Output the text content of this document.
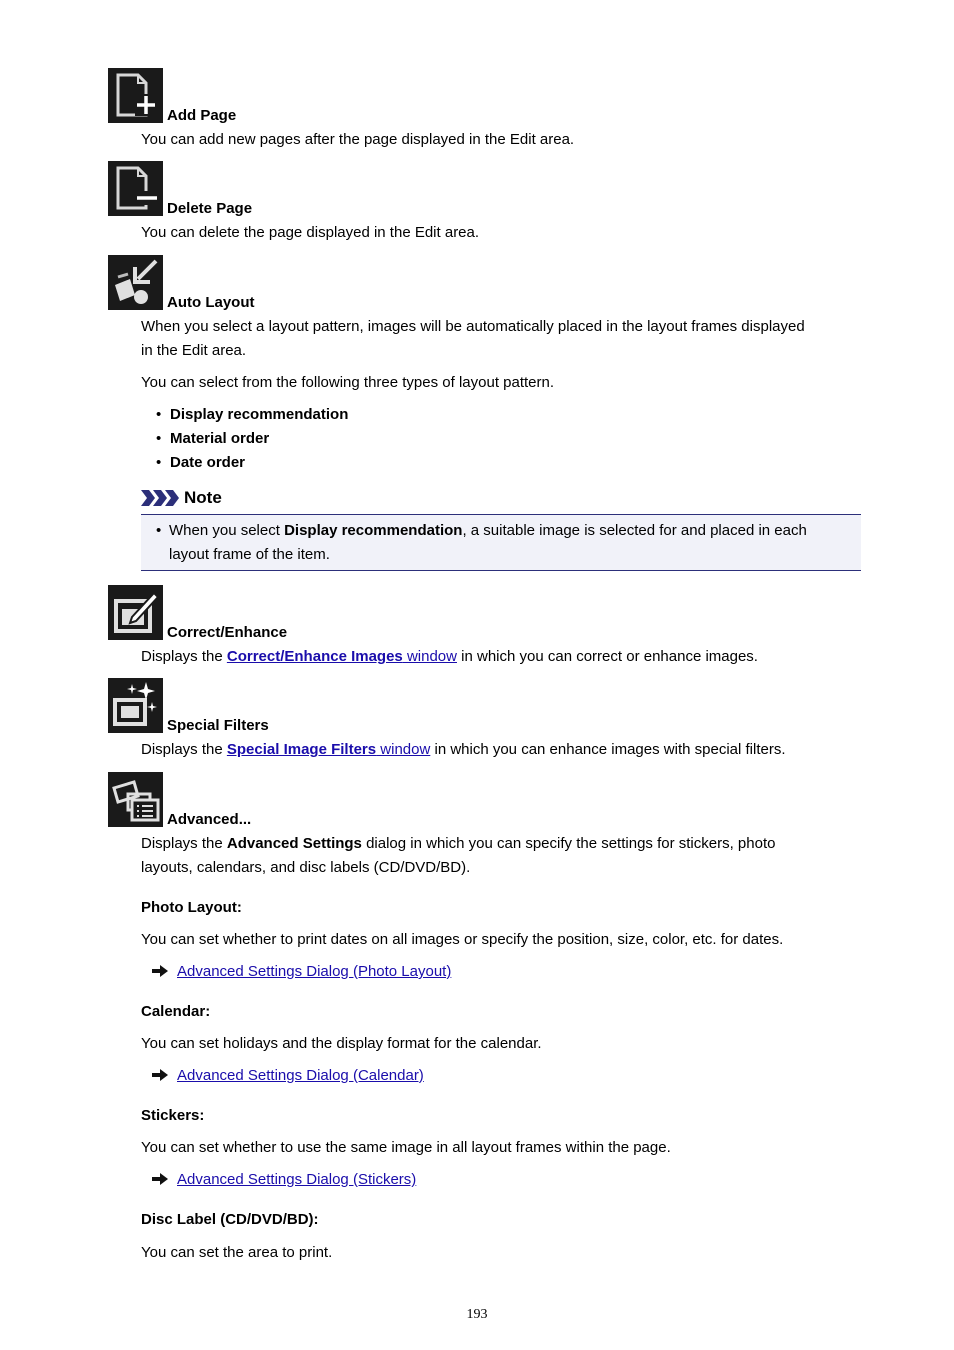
Add Page
You can add new pages after the page displayed in the Edit area.
Delete Page
You can delete the page displayed in the Edit area.
Auto Layout
When you select a layout pattern, images will be automatically placed in the layout frames displayed
in the Edit area.
You can select from the following three types of layout pattern.
• Display recommendation
• Material order
• Date order
Note
• When you select Display recommendation, a suitable image is selected for and placed in each
layout frame of the item.
Correct/Enhance
Displays the Correct/Enhance Images window in which you can correct or enhance images.
Special Filters
Displays the Special Image Filters window in which you can enhance images with special filters.
Advanced...
Displays the Advanced Settings dialog in which you can specify the settings for stickers, photo
layouts, calendars, and disc labels (CD/DVD/BD).
Photo Layout:
You can set whether to print dates on all images or specify the position, size, color, etc. for dates.
Advanced Settings Dialog (Photo Layout)
Calendar:
You can set holidays and the display format for the calendar.
Advanced Settings Dialog (Calendar)
Stickers:
You can set whether to use the same image in all layout frames within the page.
Advanced Settings Dialog (Stickers)
Disc Label (CD/DVD/BD):
You can set the area to print.
193
